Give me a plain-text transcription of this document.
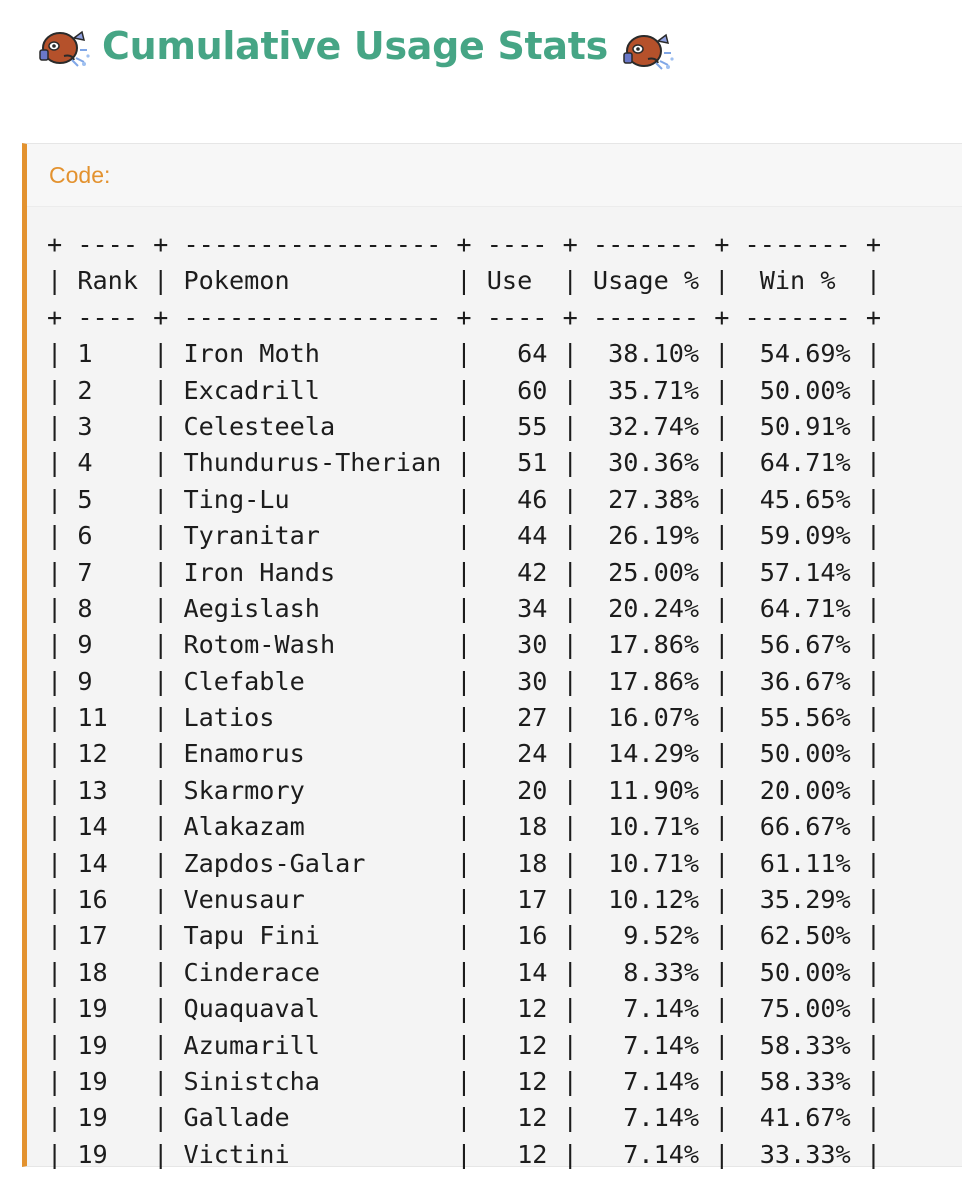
Cumulative Usage Stats
Code:
+ ---- + ----------------- + ---- + ------- + ------- +
| Rank | Pokemon           | Use  | Usage % |  Win %  |
+ ---- + ----------------- + ---- + ------- + ------- +
| 1    | Iron Moth         |   64 |  38.10% |  54.69% |
| 2    | Excadrill         |   60 |  35.71% |  50.00% |
| 3    | Celesteela        |   55 |  32.74% |  50.91% |
| 4    | Thundurus-Therian |   51 |  30.36% |  64.71% |
| 5    | Ting-Lu           |   46 |  27.38% |  45.65% |
| 6    | Tyranitar         |   44 |  26.19% |  59.09% |
| 7    | Iron Hands        |   42 |  25.00% |  57.14% |
| 8    | Aegislash         |   34 |  20.24% |  64.71% |
| 9    | Rotom-Wash        |   30 |  17.86% |  56.67% |
| 9    | Clefable          |   30 |  17.86% |  36.67% |
| 11   | Latios            |   27 |  16.07% |  55.56% |
| 12   | Enamorus          |   24 |  14.29% |  50.00% |
| 13   | Skarmory          |   20 |  11.90% |  20.00% |
| 14   | Alakazam          |   18 |  10.71% |  66.67% |
| 14   | Zapdos-Galar      |   18 |  10.71% |  61.11% |
| 16   | Venusaur          |   17 |  10.12% |  35.29% |
| 17   | Tapu Fini         |   16 |   9.52% |  62.50% |
| 18   | Cinderace         |   14 |   8.33% |  50.00% |
| 19   | Quaquaval         |   12 |   7.14% |  75.00% |
| 19   | Azumarill         |   12 |   7.14% |  58.33% |
| 19   | Sinistcha         |   12 |   7.14% |  58.33% |
| 19   | Gallade           |   12 |   7.14% |  41.67% |
| 19   | Victini           |   12 |   7.14% |  33.33% |
